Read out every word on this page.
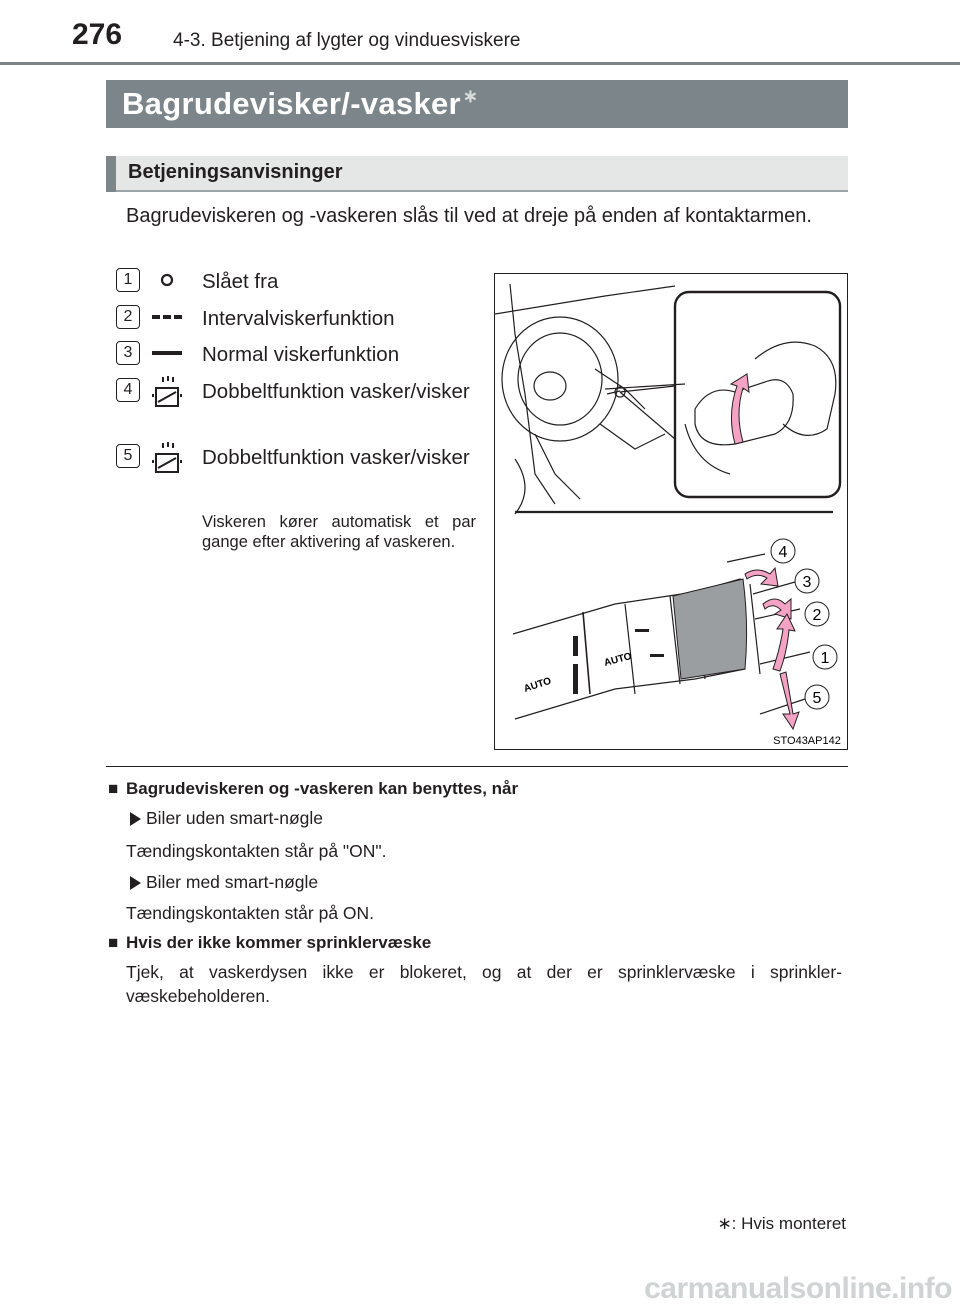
276	4-3. Betjening af lygter og vinduesviskere
Bagrudevisker/-vasker ∗
Betjeningsanvisninger
Bagrudeviskeren og -vaskeren slås til ved at dreje på enden af kontaktarmen.
1	Slået fra
2	Intervalviskerfunktion
3	Normal viskerfunktion
4	Dobbeltfunktion vasker/visker
5	Dobbeltfunktion vasker/visker
Viskeren kører automatisk et par gange efter aktivering af vaskeren.
4
3
2
1
5
AUTO
AUTO
STO43AP142
■ Bagrudeviskeren og -vaskeren kan benyttes, når
Biler uden smart-nøgle
Tændingskontakten står på "ON".
Biler med smart-nøgle
Tændingskontakten står på ON.
■ Hvis der ikke kommer sprinklervæske
Tjek, at vaskerdysen ikke er blokeret, og at der er sprinklervæske i sprinklervæskebeholderen.
∗: Hvis monteret
carmanualsonline.info
